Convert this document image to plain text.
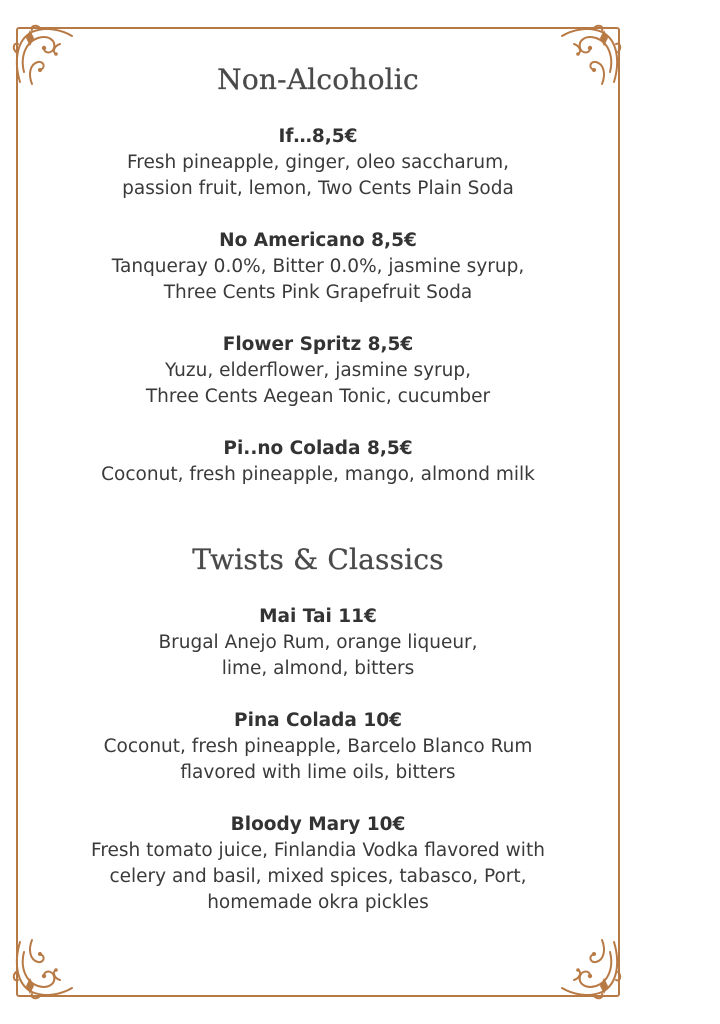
Non-Alcoholic
If…8,5€
Fresh pineapple, ginger, oleo saccharum,
passion fruit, lemon, Two Cents Plain Soda
No Americano 8,5€
Tanqueray 0.0%, Bitter 0.0%, jasmine syrup,
Three Cents Pink Grapefruit Soda
Flower Spritz 8,5€
Yuzu, elderflower, jasmine syrup,
Three Cents Aegean Tonic, cucumber
Pi..no Colada 8,5€
Coconut, fresh pineapple, mango, almond milk
Twists & Classics
Mai Tai 11€
Brugal Anejo Rum, orange liqueur,
lime, almond, bitters
Pina Colada 10€
Coconut, fresh pineapple, Barcelo Blanco Rum
flavored with lime oils, bitters
Bloody Mary 10€
Fresh tomato juice, Finlandia Vodka flavored with
celery and basil, mixed spices, tabasco, Port,
homemade okra pickles
